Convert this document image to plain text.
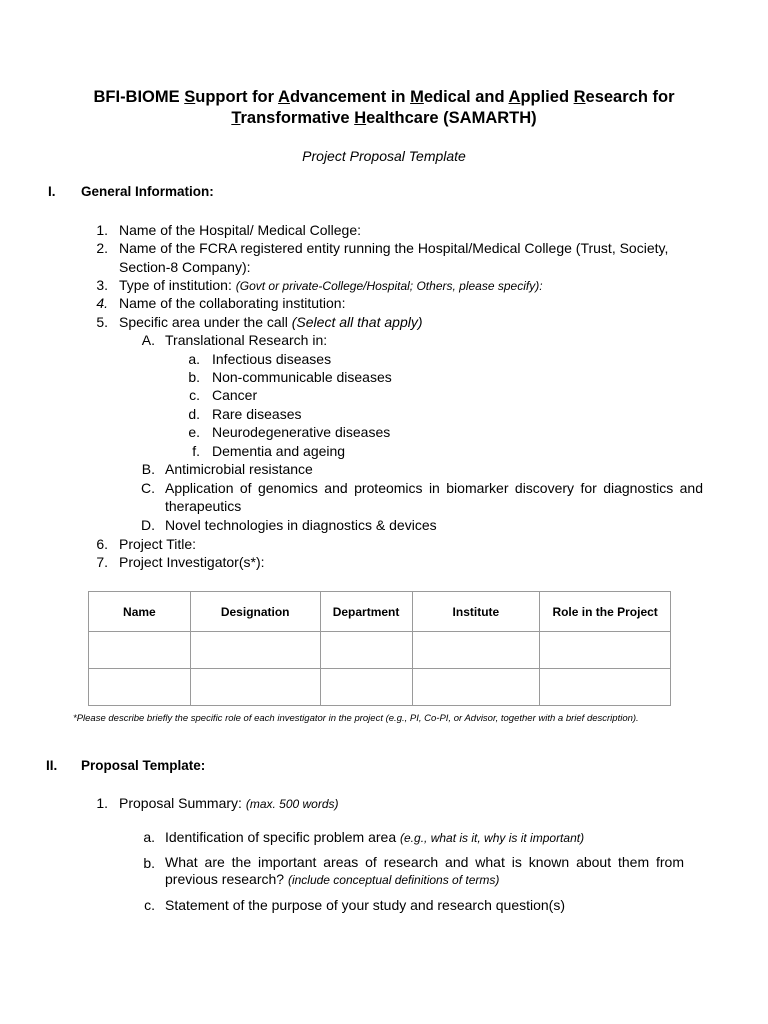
BFI-BIOME Support for Advancement in Medical and Applied Research for
Transformative Healthcare (SAMARTH)
Project Proposal Template
I. General Information:
1. Name of the Hospital/ Medical College:
2. Name of the FCRA registered entity running the Hospital/Medical College (Trust, Society,
Section-8 Company):
3. Type of institution: (Govt or private-College/Hospital; Others, please specify):
4. Name of the collaborating institution:
5. Specific area under the call (Select all that apply)
A. Translational Research in:
a. Infectious diseases
b. Non-communicable diseases
c. Cancer
d. Rare diseases
e. Neurodegenerative diseases
f. Dementia and ageing
B. Antimicrobial resistance
C. Application of genomics and proteomics in biomarker discovery for diagnostics and therapeutics
D. Novel technologies in diagnostics & devices
6. Project Title:
7. Project Investigator(s*):
Name	Designation	Department	Institute	Role in the Project

*Please describe briefly the specific role of each investigator in the project (e.g., PI, Co-PI, or Advisor, together with a brief description).
II. Proposal Template:
1. Proposal Summary: (max. 500 words)
a. Identification of specific problem area (e.g., what is it, why is it important)
b. What are the important areas of research and what is known about them from previous research? (include conceptual definitions of terms)
c. Statement of the purpose of your study and research question(s)
